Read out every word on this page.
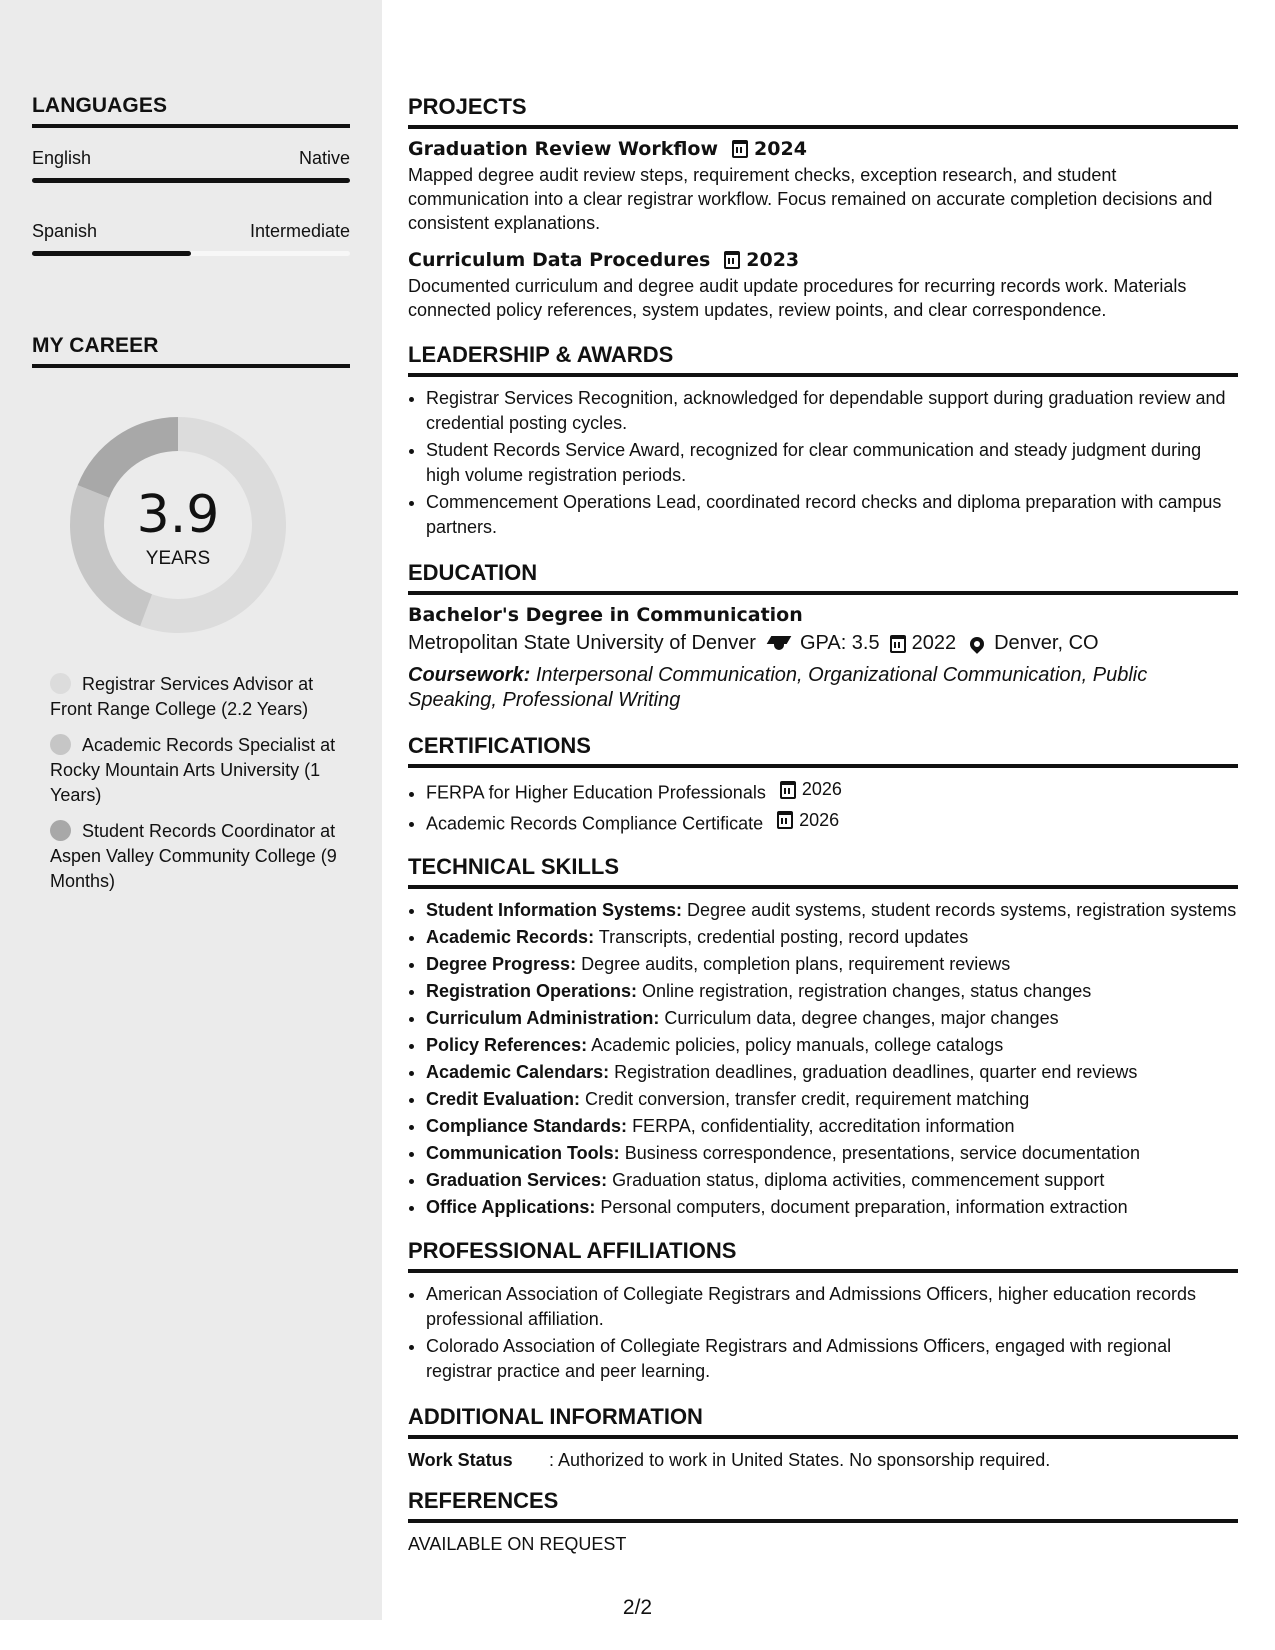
LANGUAGES
English	Native
Spanish	Intermediate
MY CAREER
3.9
YEARS
Registrar Services Advisor at Front Range College (2.2 Years)
Academic Records Specialist at Rocky Mountain Arts University (1 Years)
Student Records Coordinator at Aspen Valley Community College (9 Months)
PROJECTS
Graduation Review Workflow 2024
Mapped degree audit review steps, requirement checks, exception research, and student communication into a clear registrar workflow. Focus remained on accurate completion decisions and consistent explanations.
Curriculum Data Procedures 2023
Documented curriculum and degree audit update procedures for recurring records work. Materials connected policy references, system updates, review points, and clear correspondence.
LEADERSHIP & AWARDS
• Registrar Services Recognition, acknowledged for dependable support during graduation review and credential posting cycles.
• Student Records Service Award, recognized for clear communication and steady judgment during high volume registration periods.
• Commencement Operations Lead, coordinated record checks and diploma preparation with campus partners.
EDUCATION
Bachelor's Degree in Communication
Metropolitan State University of Denver GPA: 3.5 2022 Denver, CO
Coursework: Interpersonal Communication, Organizational Communication, Public Speaking, Professional Writing
CERTIFICATIONS
• FERPA for Higher Education Professionals 2026
• Academic Records Compliance Certificate 2026
TECHNICAL SKILLS
• Student Information Systems: Degree audit systems, student records systems, registration systems
• Academic Records: Transcripts, credential posting, record updates
• Degree Progress: Degree audits, completion plans, requirement reviews
• Registration Operations: Online registration, registration changes, status changes
• Curriculum Administration: Curriculum data, degree changes, major changes
• Policy References: Academic policies, policy manuals, college catalogs
• Academic Calendars: Registration deadlines, graduation deadlines, quarter end reviews
• Credit Evaluation: Credit conversion, transfer credit, requirement matching
• Compliance Standards: FERPA, confidentiality, accreditation information
• Communication Tools: Business correspondence, presentations, service documentation
• Graduation Services: Graduation status, diploma activities, commencement support
• Office Applications: Personal computers, document preparation, information extraction
PROFESSIONAL AFFILIATIONS
• American Association of Collegiate Registrars and Admissions Officers, higher education records professional affiliation.
• Colorado Association of Collegiate Registrars and Admissions Officers, engaged with regional registrar practice and peer learning.
ADDITIONAL INFORMATION
Work Status	: Authorized to work in United States. No sponsorship required.
REFERENCES
AVAILABLE ON REQUEST
2/2
